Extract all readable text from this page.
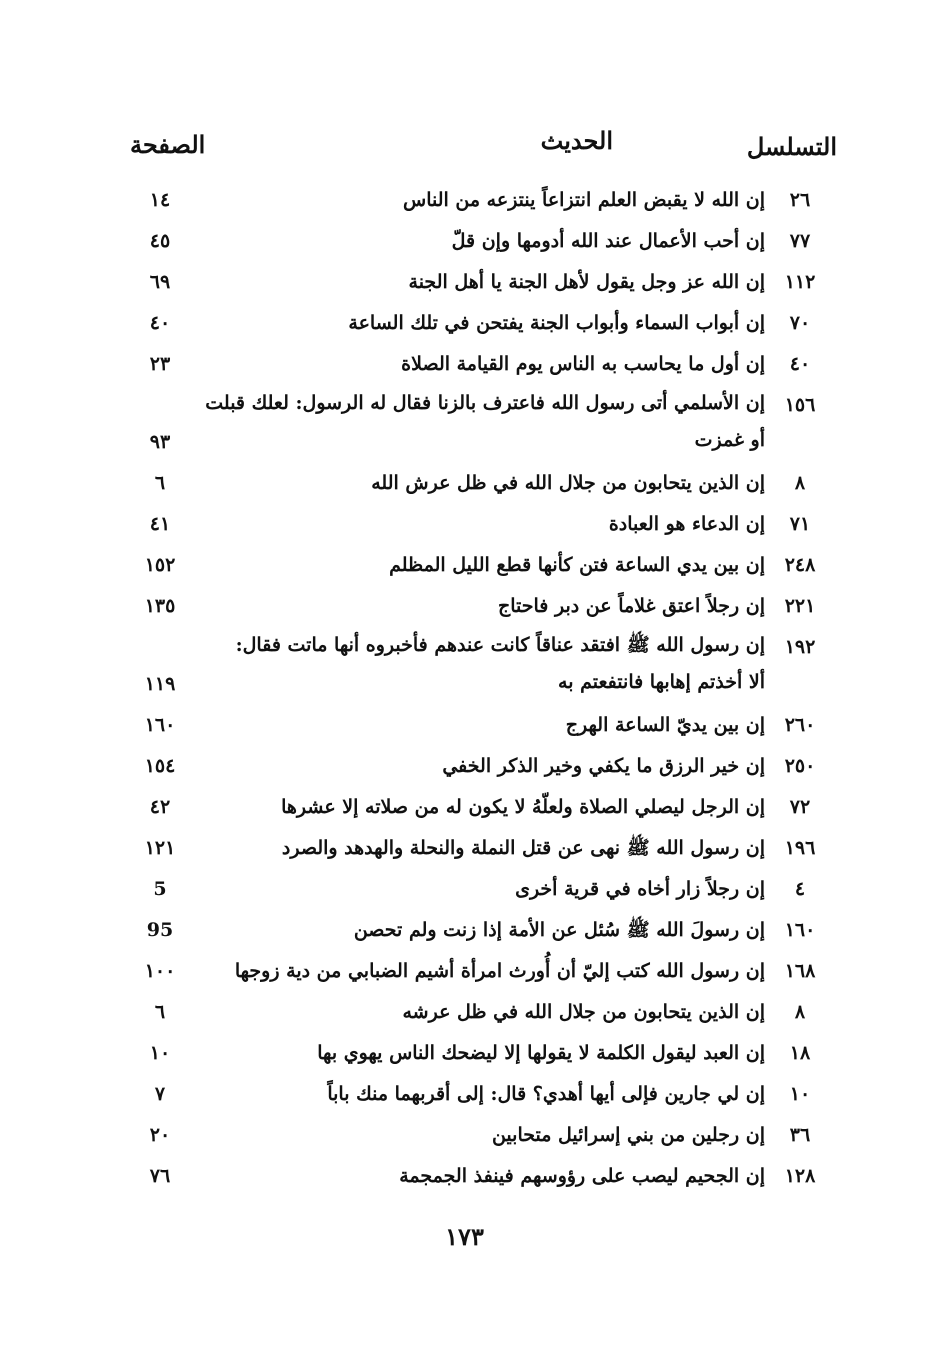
التسلسل
الحديث
الصفحة
٢٦
إن الله لا يقبض العلم انتزاعاً ينتزعه من الناس
١٤
٧٧
إن أحب الأعمال عند الله أدومها وإن قلّ
٤٥
١١٢
إن الله عز وجل يقول لأهل الجنة يا أهل الجنة
٦٩
٧٠
إن أبواب السماء وأبواب الجنة يفتحن في تلك الساعة
٤٠
٤٠
إن أول ما يحاسب به الناس يوم القيامة الصلاة
٢٣
١٥٦
إن الأسلمي أتى رسول الله فاعترف بالزنا فقال له الرسول: لعلك قبلت
أو غمزت
٩٣
٨
إن الذين يتحابون من جلال الله في ظل عرش الله
٦
٧١
إن الدعاء هو العبادة
٤١
٢٤٨
إن بين يدي الساعة فتن كأنها قطع الليل المظلم
١٥٢
٢٢١
إن رجلاً اعتق غلاماً عن دبر فاحتاج
١٣٥
١٩٢
إن رسول الله ﷺ افتقد عناقاً كانت عندهم فأخبروه أنها ماتت فقال:
ألا أخذتم إهابها فانتفعتم به
١١٩
٢٦٠
إن بين يديّ الساعة الهرج
١٦٠
٢٥٠
إن خير الرزق ما يكفي وخير الذكر الخفي
١٥٤
٧٢
إن الرجل ليصلي الصلاة ولعلّهُ لا يكون له من صلاته إلا عشرها
٤٢
١٩٦
إن رسول الله ﷺ نهى عن قتل النملة والنحلة والهدهد والصرد
١٢١
٤
إن رجلاً زار أخاه في قرية أخرى
5
١٦٠
إن رسولَ الله ﷺ سُئل عن الأمة إذا زنت ولم تحصن
95
١٦٨
إن رسول الله كتب إليّ أن أُورث امرأة أشيم الضبابي من دية زوجها
١٠٠
٨
إن الذين يتحابون من جلال الله في ظل عرشه
٦
١٨
إن العبد ليقول الكلمة لا يقولها إلا ليضحك الناس يهوي بها
١٠
١٠
إن لي جارين فإلى أيها أهدي؟ قال: إلى أقربهما منك باباً
٧
٣٦
إن رجلين من بني إسرائيل متحابين
٢٠
١٢٨
إن الجحيم ليصب على رؤوسهم فينفذ الجمجمة
٧٦
١٧٣
